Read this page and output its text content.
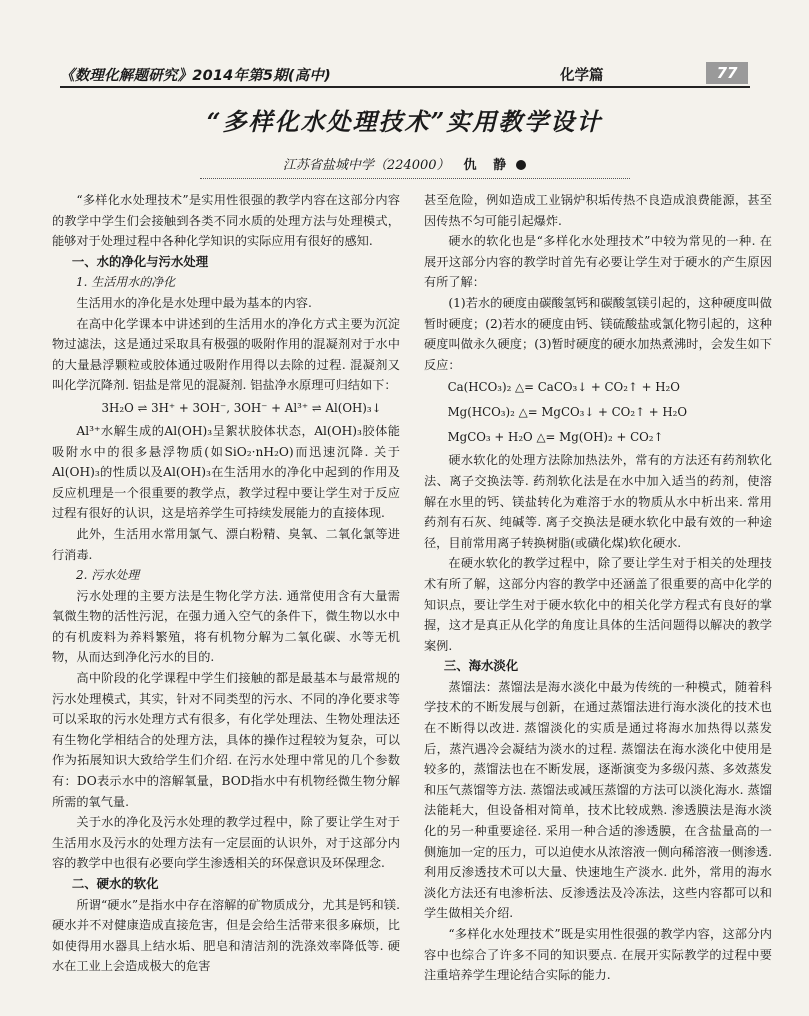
《数理化解题研究》2014年第5期(高中)	化学篇	77
“多样化水处理技术”实用教学设计
江苏省盐城中学（224000） 仇 静

“多样化水处理技术”是实用性很强的教学内容在这部分内容的教学中学生们会接触到各类不同水质的处理方法与处理模式，能够对于处理过程中各种化学知识的实际应用有很好的感知.

一、水的净化与污水处理
1. 生活用水的净化

生活用水的净化是水处理中最为基本的内容.

在高中化学课本中讲述到的生活用水的净化方式主要为沉淀物过滤法，这是通过采取具有极强的吸附作用的混凝剂对于水中的大量悬浮颗粒或胶体通过吸附作用得以去除的过程. 混凝剂又叫化学沉降剂. 铝盐是常见的混凝剂. 铝盐净水原理可归结如下：

3H₂O ⇌ 3H⁺ + 3OH⁻, 3OH⁻ + Al³⁺ ⇌ Al(OH)₃↓

Al³⁺水解生成的Al(OH)₃呈絮状胶体状态，Al(OH)₃胶体能吸附水中的很多悬浮物质(如SiO₂·nH₂O)而迅速沉降. 关于Al(OH)₃的性质以及Al(OH)₃在生活用水的净化中起到的作用及反应机理是一个很重要的教学点，教学过程中要让学生对于反应过程有很好的认识，这是培养学生可持续发展能力的直接体现.

此外，生活用水常用氯气、漂白粉精、臭氧、二氧化氯等进行消毒.

2. 污水处理

污水处理的主要方法是生物化学方法. 通常使用含有大量需氧微生物的活性污泥，在强力通入空气的条件下，微生物以水中的有机废料为养料繁殖，将有机物分解为二氧化碳、水等无机物，从而达到净化污水的目的.

高中阶段的化学课程中学生们接触的都是最基本与最常规的污水处理模式，其实，针对不同类型的污水、不同的净化要求等可以采取的污水处理方式有很多，有化学处理法、生物处理法还有生物化学相结合的处理方法，具体的操作过程较为复杂，可以作为拓展知识大致给学生们介绍. 在污水处理中常见的几个参数有：DO表示水中的溶解氧量，BOD指水中有机物经微生物分解所需的氧气量.

关于水的净化及污水处理的教学过程中，除了要让学生对于生活用水及污水的处理方法有一定层面的认识外，对于这部分内容的教学中也很有必要向学生渗透相关的环保意识及环保理念.

二、硬水的软化

所谓“硬水”是指水中存在溶解的矿物质成分，尤其是钙和镁. 硬水并不对健康造成直接危害，但是会给生活带来很多麻烦，比如使得用水器具上结水垢、肥皂和清洁剂的洗涤效率降低等. 硬水在工业上会造成极大的危害

甚至危险，例如造成工业锅炉积垢传热不良造成浪费能源，甚至因传热不匀可能引起爆炸.

硬水的软化也是“多样化水处理技术”中较为常见的一种. 在展开这部分内容的教学时首先有必要让学生对于硬水的产生原因有所了解：

(1)若水的硬度由碳酸氢钙和碳酸氢镁引起的，这种硬度叫做暂时硬度；(2)若水的硬度由钙、镁硫酸盐或氯化物引起的，这种硬度叫做永久硬度；(3)暂时硬度的硬水加热煮沸时，会发生如下反应：

Ca(HCO₃)₂ △= CaCO₃↓ + CO₂↑ + H₂O

Mg(HCO₃)₂ △= MgCO₃↓ + CO₂↑ + H₂O

MgCO₃ + H₂O △= Mg(OH)₂ + CO₂↑

硬水软化的处理方法除加热法外，常有的方法还有药剂软化法、离子交换法等. 药剂软化法是在水中加入适当的药剂，使溶解在水里的钙、镁盐转化为难溶于水的物质从水中析出来. 常用药剂有石灰、纯碱等. 离子交换法是硬水软化中最有效的一种途径，目前常用离子转换树脂(或磺化煤)软化硬水.

在硬水软化的教学过程中，除了要让学生对于相关的处理技术有所了解，这部分内容的教学中还涵盖了很重要的高中化学的知识点，要让学生对于硬水软化中的相关化学方程式有良好的掌握，这才是真正从化学的角度让具体的生活问题得以解决的教学案例.

三、海水淡化

蒸馏法：蒸馏法是海水淡化中最为传统的一种模式，随着科学技术的不断发展与创新，在通过蒸馏法进行海水淡化的技术也在不断得以改进. 蒸馏淡化的实质是通过将海水加热得以蒸发后，蒸汽遇冷会凝结为淡水的过程. 蒸馏法在海水淡化中使用是较多的，蒸馏法也在不断发展，逐渐演变为多级闪蒸、多效蒸发和压气蒸馏等方法. 蒸馏法或减压蒸馏的方法可以淡化海水. 蒸馏法能耗大，但设备相对简单，技术比较成熟. 渗透膜法是海水淡化的另一种重要途径. 采用一种合适的渗透膜，在含盐量高的一侧施加一定的压力，可以迫使水从浓溶液一侧向稀溶液一侧渗透. 利用反渗透技术可以大量、快速地生产淡水. 此外，常用的海水淡化方法还有电渗析法、反渗透法及冷冻法，这些内容都可以和学生做相关介绍.

“多样化水处理技术”既是实用性很强的教学内容，这部分内容中也综合了许多不同的知识要点. 在展开实际教学的过程中要注重培养学生理论结合实际的能力.
